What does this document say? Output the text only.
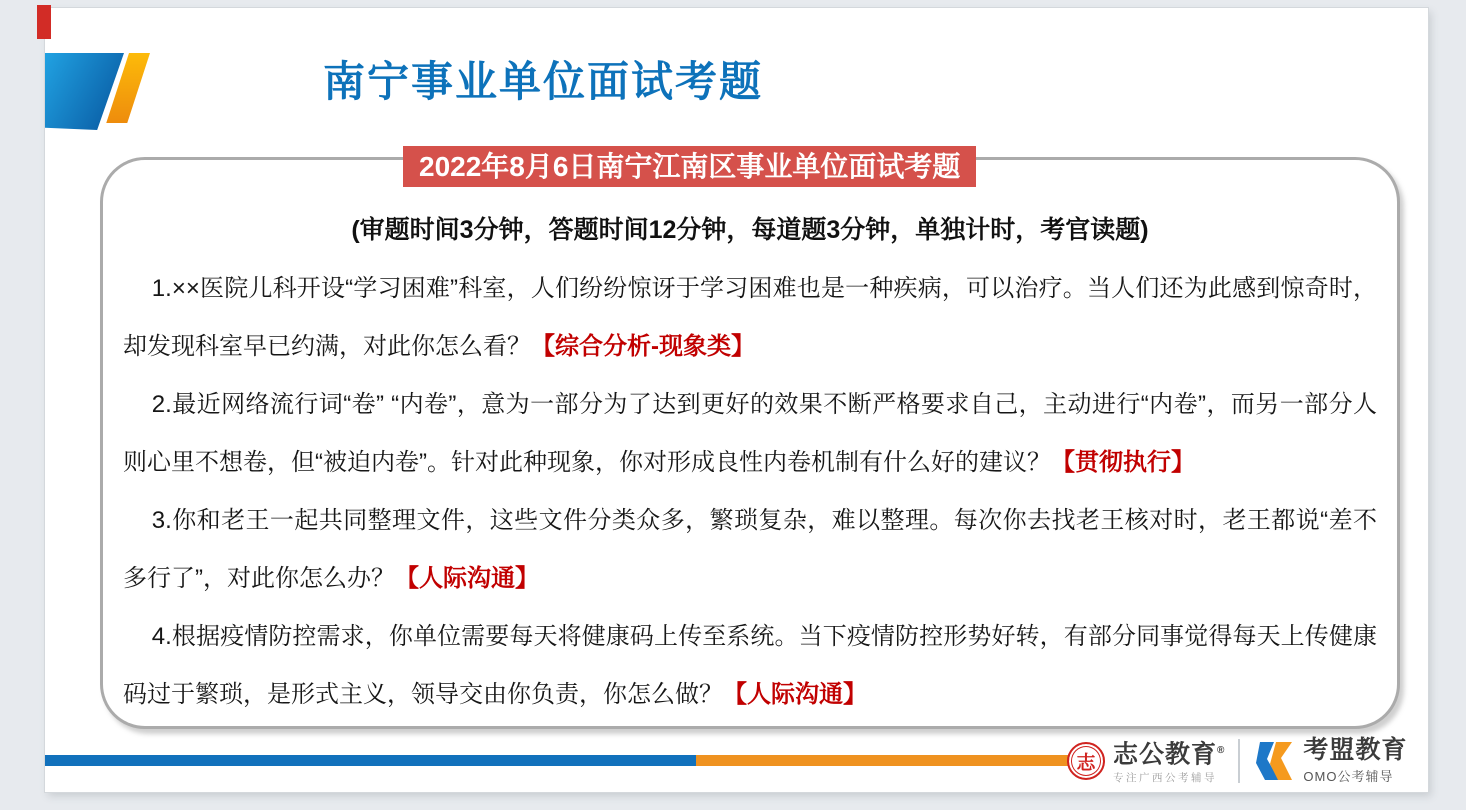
南宁事业单位面试考题
(审题时间3分钟，答题时间12分钟，每道题3分钟，单独计时，考官读题)

1.××医院儿科开设“学习困难”科室，人们纷纷惊讶于学习困难也是一种疾病，可以治疗。当人们还为此感到惊奇时，却发现科室早已约满，对此你怎么看？【综合分析-现象类】

2.最近网络流行词“卷” “内卷”，意为一部分为了达到更好的效果不断严格要求自己，主动进行“内卷”，而另一部分人则心里不想卷，但“被迫内卷”。针对此种现象，你对形成良性内卷机制有什么好的建议？【贯彻执行】

3.你和老王一起共同整理文件，这些文件分类众多，繁琐复杂，难以整理。每次你去找老王核对时，老王都说“差不多行了”，对此你怎么办？【人际沟通】

4.根据疫情防控需求，你单位需要每天将健康码上传至系统。当下疫情防控形势好转，有部分同事觉得每天上传健康码过于繁琐，是形式主义，领导交由你负责，你怎么做？【人际沟通】

2022年8月6日南宁江南区事业单位面试考题
志 志公教育®
专注广西公考辅导
考盟教育
OMO公考辅导
